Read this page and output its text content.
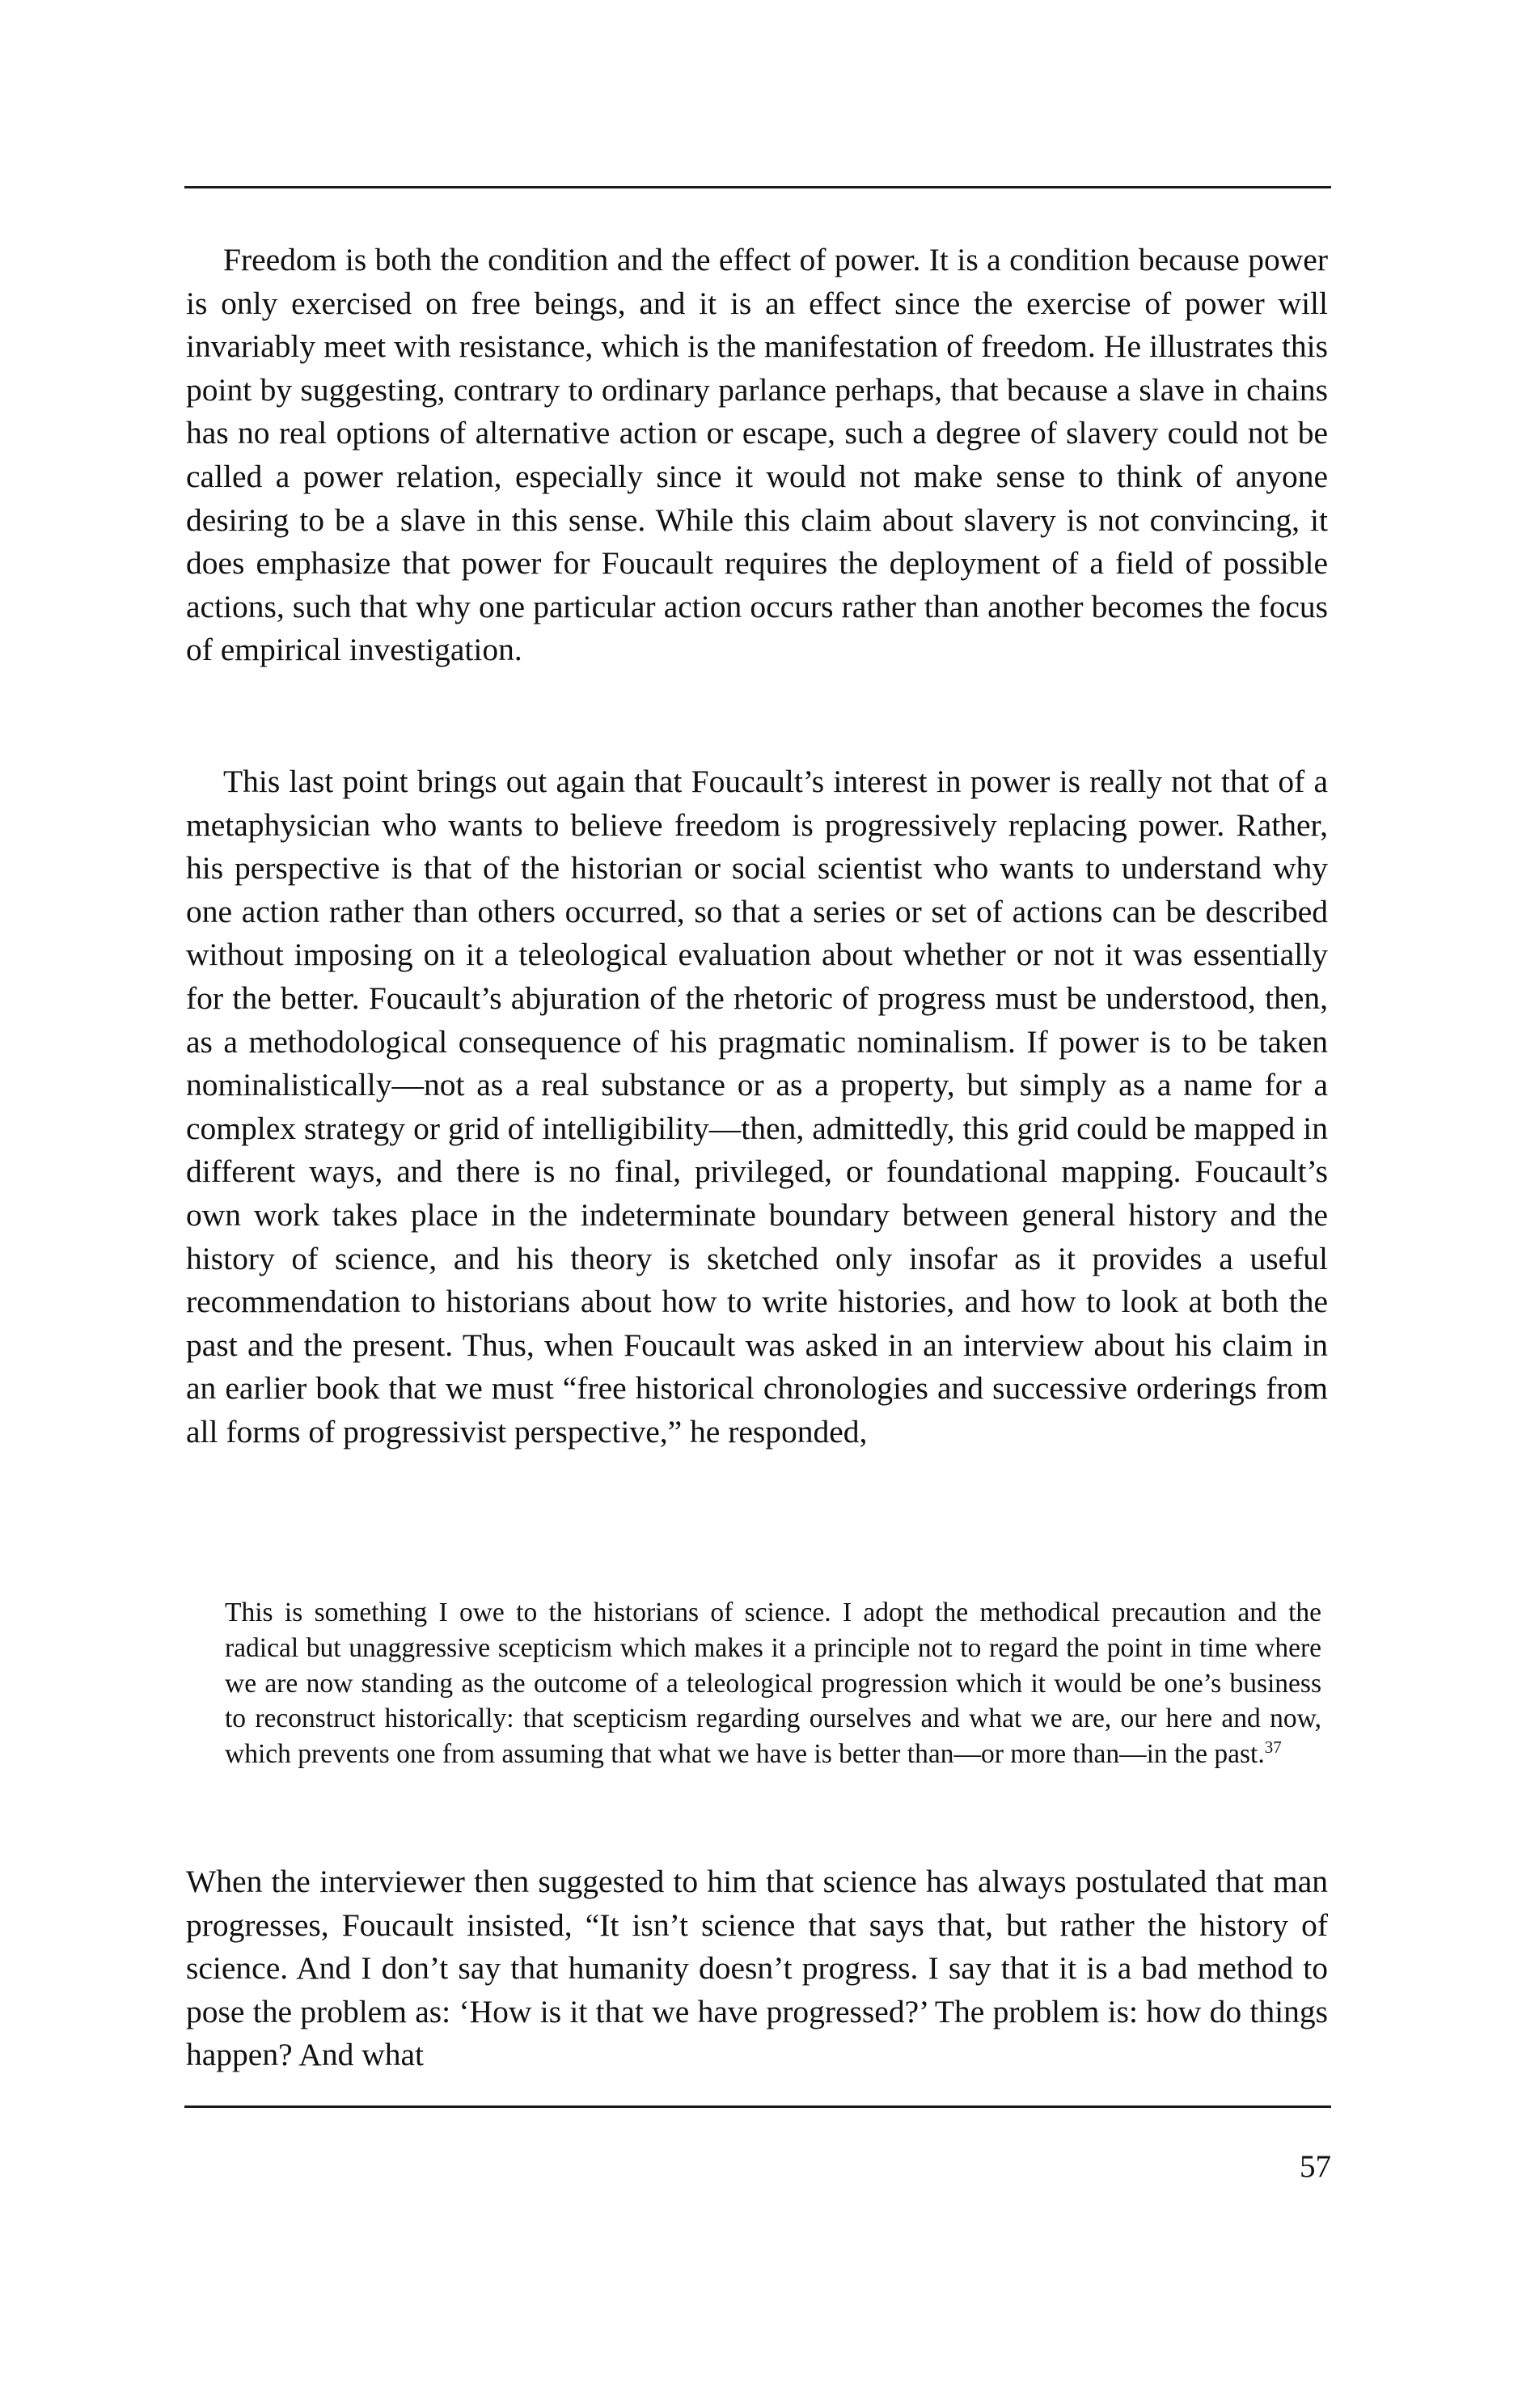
Freedom is both the condition and the effect of power. It is a condition because power is only exercised on free beings, and it is an effect since the exercise of power will invariably meet with resistance, which is the manifestation of freedom. He illustrates this point by suggesting, contrary to ordinary parlance perhaps, that because a slave in chains has no real options of alternative action or escape, such a degree of slavery could not be called a power relation, especially since it would not make sense to think of anyone desiring to be a slave in this sense. While this claim about slavery is not convincing, it does emphasize that power for Foucault requires the deployment of a field of possible actions, such that why one particular action occurs rather than another becomes the focus of empirical investigation.

This last point brings out again that Foucault’s interest in power is really not that of a metaphysician who wants to believe freedom is progressively replacing power. Rather, his perspective is that of the historian or social scientist who wants to understand why one action rather than others occurred, so that a series or set of actions can be described without imposing on it a teleological evaluation about whether or not it was essentially for the better. Foucault’s abjuration of the rhetoric of progress must be understood, then, as a methodological consequence of his pragmatic nominalism. If power is to be taken nominalistically—not as a real substance or as a property, but simply as a name for a complex strategy or grid of intelligibility—then, admittedly, this grid could be mapped in different ways, and there is no final, privileged, or foundational mapping. Foucault’s own work takes place in the indeterminate boundary between general history and the history of science, and his theory is sketched only insofar as it provides a useful recommendation to historians about how to write histories, and how to look at both the past and the present. Thus, when Foucault was asked in an interview about his claim in an earlier book that we must “free historical chronologies and successive orderings from all forms of progressivist perspective,” he responded,

This is something I owe to the historians of science. I adopt the methodical precaution and the radical but unaggressive scepticism which makes it a principle not to regard the point in time where we are now standing as the outcome of a teleological progression which it would be one’s business to reconstruct historically: that scepticism regarding ourselves and what we are, our here and now, which prevents one from assuming that what we have is better than—or more than—in the past.$^{37}$

When the interviewer then suggested to him that science has always postulated that man progresses, Foucault insisted, “It isn’t science that says that, but rather the history of science. And I don’t say that humanity doesn’t progress. I say that it is a bad method to pose the problem as: ‘How is it that we have progressed?’ The problem is: how do things happen? And what

57
